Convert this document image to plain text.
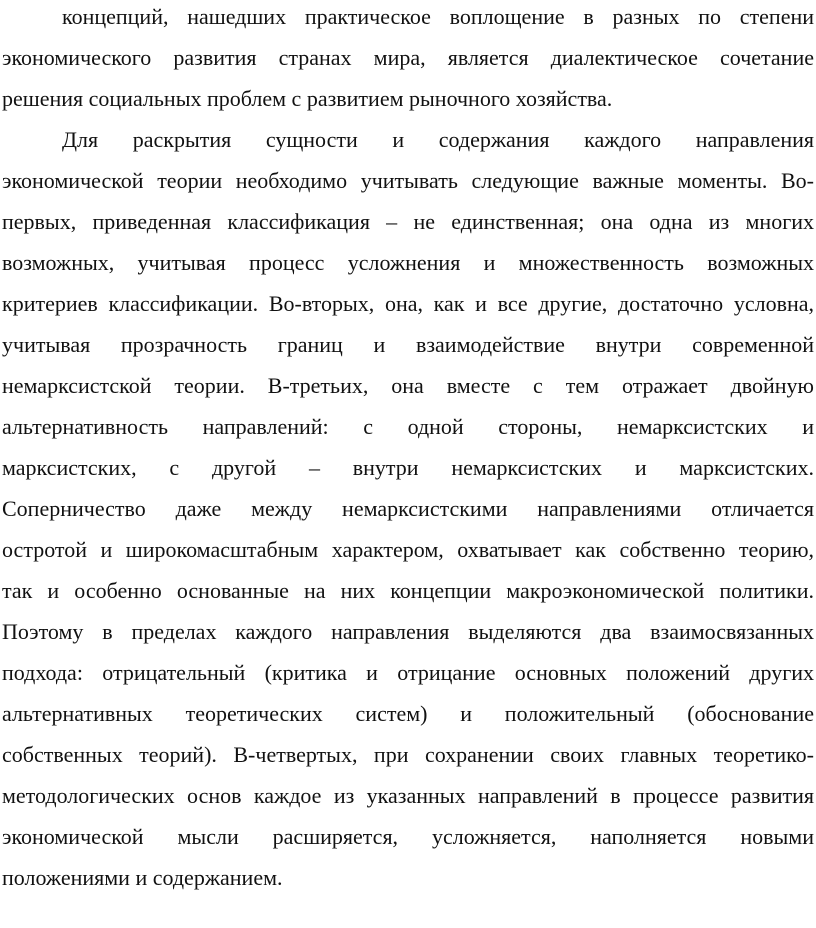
концепций, нашедших практическое воплощение в разных по степени
экономического развития странах мира, является диалектическое сочетание
решения социальных проблем с развитием рыночного хозяйства.
Для раскрытия сущности и содержания каждого направления
экономической теории необходимо учитывать следующие важные моменты. Во-
первых, приведенная классификация – не единственная; она одна из многих
возможных, учитывая процесс усложнения и множественность возможных
критериев классификации. Во-вторых, она, как и все другие, достаточно условна,
учитывая прозрачность границ и взаимодействие внутри современной
немарксистской теории. В-третьих, она вместе с тем отражает двойную
альтернативность направлений: с одной стороны, немарксистских и
марксистских, с другой – внутри немарксистских и марксистских.
Соперничество даже между немарксистскими направлениями отличается
остротой и широкомасштабным характером, охватывает как собственно теорию,
так и особенно основанные на них концепции макроэкономической политики.
Поэтому в пределах каждого направления выделяются два взаимосвязанных
подхода: отрицательный (критика и отрицание основных положений других
альтернативных теоретических систем) и положительный (обоснование
собственных теорий). В-четвертых, при сохранении своих главных теоретико-
методологических основ каждое из указанных направлений в процессе развития
экономической мысли расширяется, усложняется, наполняется новыми
положениями и содержанием.
